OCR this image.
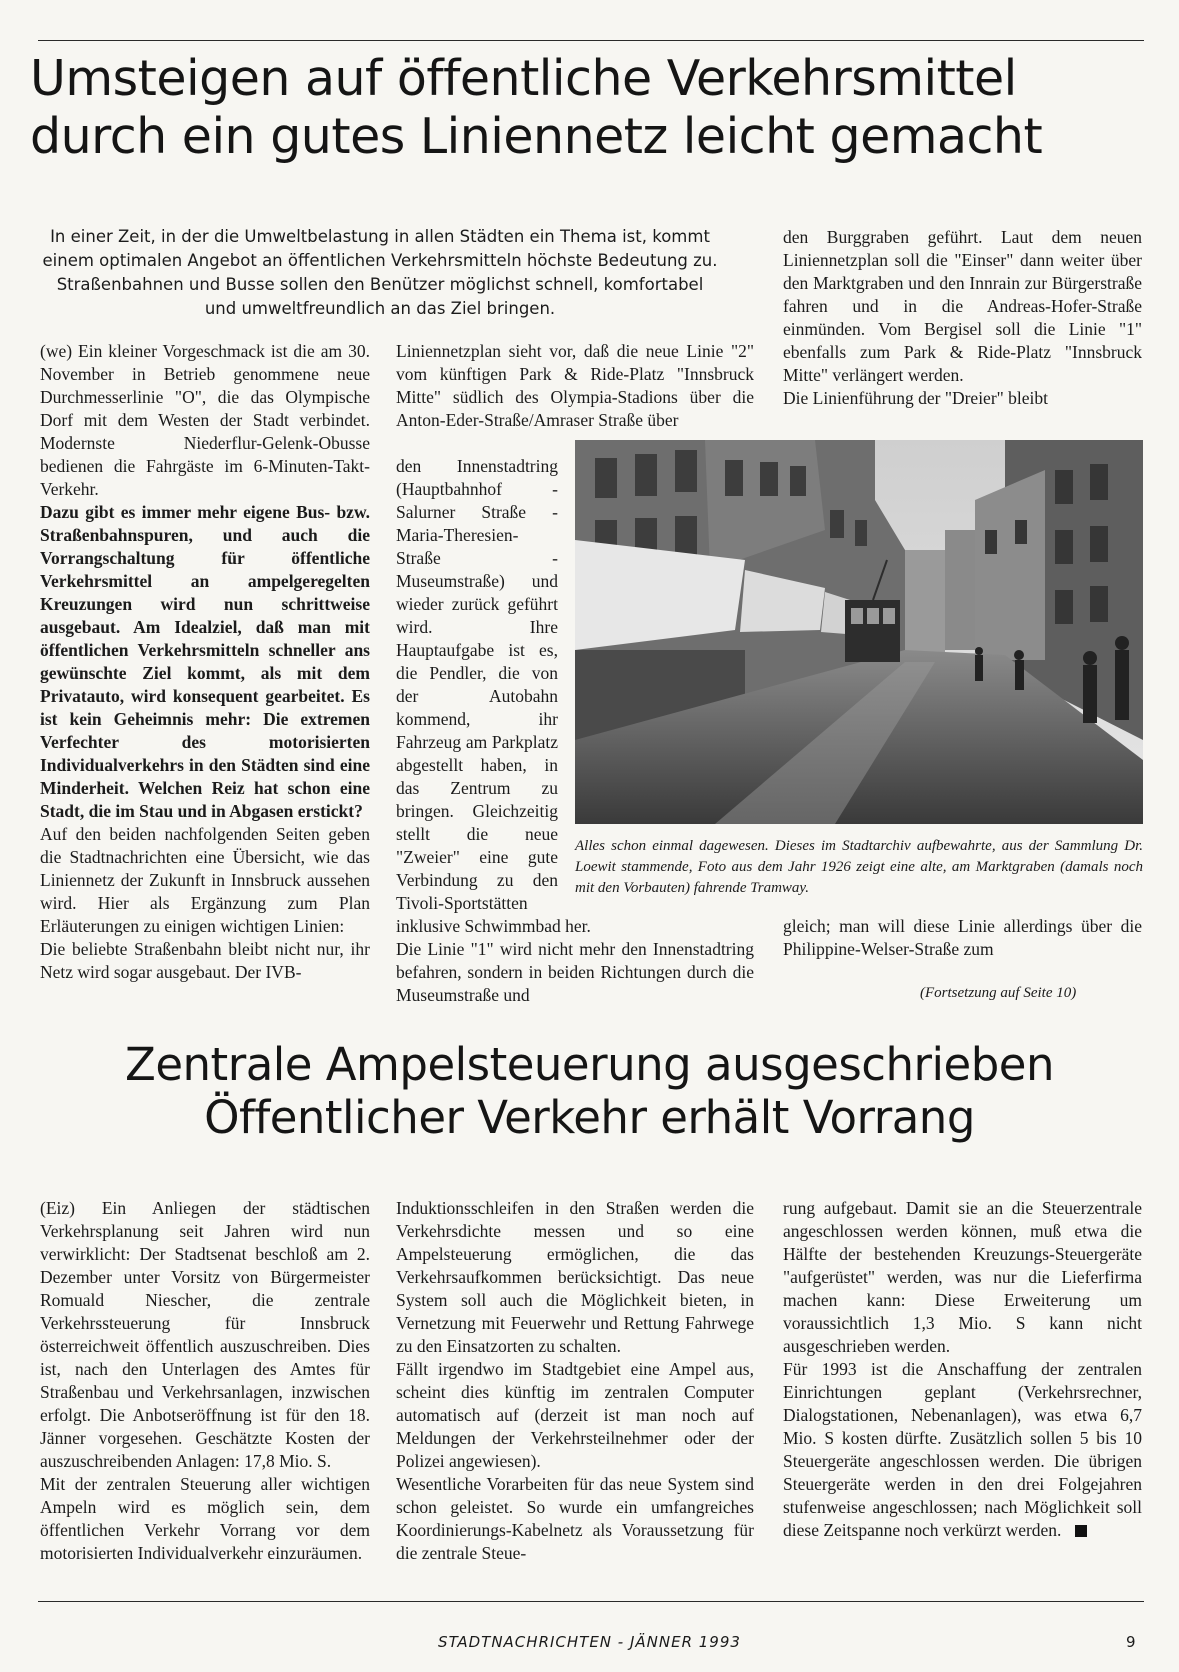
Umsteigen auf öffentliche Verkehrsmittel
durch ein gutes Liniennetz leicht gemacht
In einer Zeit, in der die Umweltbelastung in allen Städten ein Thema ist, kommt
einem optimalen Angebot an öffentlichen Verkehrsmitteln höchste Bedeutung zu.
Straßenbahnen und Busse sollen den Benützer möglichst schnell, komfortabel
und umweltfreundlich an das Ziel bringen.

(we) Ein kleiner Vorgeschmack ist die am 30. November in Betrieb genommene neue Durchmesserlinie "O", die das Olympische Dorf mit dem Westen der Stadt verbindet. Modernste Niederflur-Gelenk-Obusse bedienen die Fahrgäste im 6-Minuten-Takt-Verkehr.

Dazu gibt es immer mehr eigene Bus- bzw. Straßenbahnspuren, und auch die Vorrangschaltung für öffentliche Verkehrsmittel an ampelgeregelten Kreuzungen wird nun schrittweise ausgebaut. Am Idealziel, daß man mit öffentlichen Verkehrsmitteln schneller ans gewünschte Ziel kommt, als mit dem Privatauto, wird konsequent gearbeitet. Es ist kein Geheimnis mehr: Die extremen Verfechter des motorisierten Individualverkehrs in den Städten sind eine Minderheit. Welchen Reiz hat schon eine Stadt, die im Stau und in Abgasen erstickt?

Auf den beiden nachfolgenden Seiten geben die Stadtnachrichten eine Übersicht, wie das Liniennetz der Zukunft in Innsbruck aussehen wird. Hier als Ergänzung zum Plan Erläuterungen zu einigen wichtigen Linien:

Die beliebte Straßenbahn bleibt nicht nur, ihr Netz wird sogar ausgebaut. Der IVB-

Liniennetzplan sieht vor, daß die neue Linie "2" vom künftigen Park & Ride-Platz "Innsbruck Mitte" südlich des Olympia-Stadions über die Anton-Eder-Straße/Amraser Straße über

den Innenstadtring (Hauptbahnhof - Salurner Straße - Maria-Theresien-Straße - Museumstraße) und wieder zurück geführt wird. Ihre Hauptaufgabe ist es, die Pendler, die von der Autobahn kommend, ihr Fahrzeug am Parkplatz abgestellt haben, in das Zentrum zu bringen. Gleichzeitig stellt die neue "Zweier" eine gute Verbindung zu den Tivoli-Sportstätten

inklusive Schwimmbad her.

Die Linie "1" wird nicht mehr den Innenstadtring befahren, sondern in beiden Richtungen durch die Museumstraße und

den Burggraben geführt. Laut dem neuen Liniennetzplan soll die "Einser" dann weiter über den Marktgraben und den Innrain zur Bürgerstraße fahren und in die Andreas-Hofer-Straße einmünden. Vom Bergisel soll die Linie "1" ebenfalls zum Park & Ride-Platz "Innsbruck Mitte" verlängert werden.

Die Linienführung der "Dreier" bleibt

gleich; man will diese Linie allerdings über die Philippine-Welser-Straße zum

Alles schon einmal dagewesen. Dieses im Stadtarchiv aufbewahrte, aus der Sammlung Dr. Loewit stammende, Foto aus dem Jahr 1926 zeigt eine alte, am Marktgraben (damals noch mit den Vorbauten) fahrende Tramway.

(Fortsetzung auf Seite 10)

Zentrale Ampelsteuerung ausgeschrieben
Öffentlicher Verkehr erhält Vorrang

(Eiz) Ein Anliegen der städtischen Verkehrsplanung seit Jahren wird nun verwirklicht: Der Stadtsenat beschloß am 2. Dezember unter Vorsitz von Bürgermeister Romuald Niescher, die zentrale Verkehrssteuerung für Innsbruck österreichweit öffentlich auszuschreiben. Dies ist, nach den Unterlagen des Amtes für Straßenbau und Verkehrsanlagen, inzwischen erfolgt. Die Anbotseröffnung ist für den 18. Jänner vorgesehen. Geschätzte Kosten der auszuschreibenden Anlagen: 17,8 Mio. S.

Mit der zentralen Steuerung aller wichtigen Ampeln wird es möglich sein, dem öffentlichen Verkehr Vorrang vor dem motorisierten Individualverkehr einzuräumen.

Induktionsschleifen in den Straßen werden die Verkehrsdichte messen und so eine Ampelsteuerung ermöglichen, die das Verkehrsaufkommen berücksichtigt. Das neue System soll auch die Möglichkeit bieten, in Vernetzung mit Feuerwehr und Rettung Fahrwege zu den Einsatzorten zu schalten.

Fällt irgendwo im Stadtgebiet eine Ampel aus, scheint dies künftig im zentralen Computer automatisch auf (derzeit ist man noch auf Meldungen der Verkehrsteilnehmer oder der Polizei angewiesen).

Wesentliche Vorarbeiten für das neue System sind schon geleistet. So wurde ein umfangreiches Koordinierungs-Kabelnetz als Voraussetzung für die zentrale Steue-

rung aufgebaut. Damit sie an die Steuerzentrale angeschlossen werden können, muß etwa die Hälfte der bestehenden Kreuzungs-Steuergeräte "aufgerüstet" werden, was nur die Lieferfirma machen kann: Diese Erweiterung um voraussichtlich 1,3 Mio. S kann nicht ausgeschrieben werden.

Für 1993 ist die Anschaffung der zentralen Einrichtungen geplant (Verkehrsrechner, Dialogstationen, Nebenanlagen), was etwa 6,7 Mio. S kosten dürfte. Zusätzlich sollen 5 bis 10 Steuergeräte angeschlossen werden. Die übrigen Steuergeräte werden in den drei Folgejahren stufenweise angeschlossen; nach Möglichkeit soll diese Zeitspanne noch verkürzt werden.

STADTNACHRICHTEN - JÄNNER 1993	9
